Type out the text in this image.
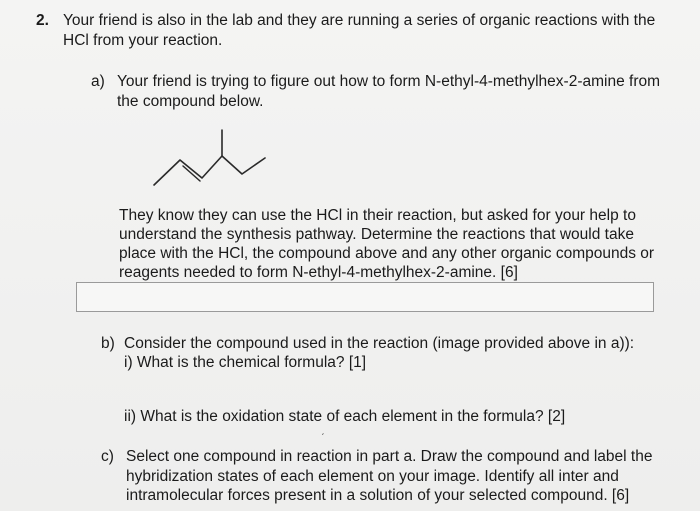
2. Your friend is also in the lab and they are running a series of organic reactions with the
HCl from your reaction.
a) Your friend is trying to figure out how to form N-ethyl-4-methylhex-2-amine from
the compound below.
They know they can use the HCl in their reaction, but asked for your help to
understand the synthesis pathway. Determine the reactions that would take
place with the HCl, the compound above and any other organic compounds or
reagents needed to form N-ethyl-4-methylhex-2-amine. [6]
b) Consider the compound used in the reaction (image provided above in a)):
i) What is the chemical formula? [1]
ii) What is the oxidation state of each element in the formula? [2]
ˏ
c) Select one compound in reaction in part a. Draw the compound and label the
hybridization states of each element on your image. Identify all inter and
intramolecular forces present in a solution of your selected compound. [6]
